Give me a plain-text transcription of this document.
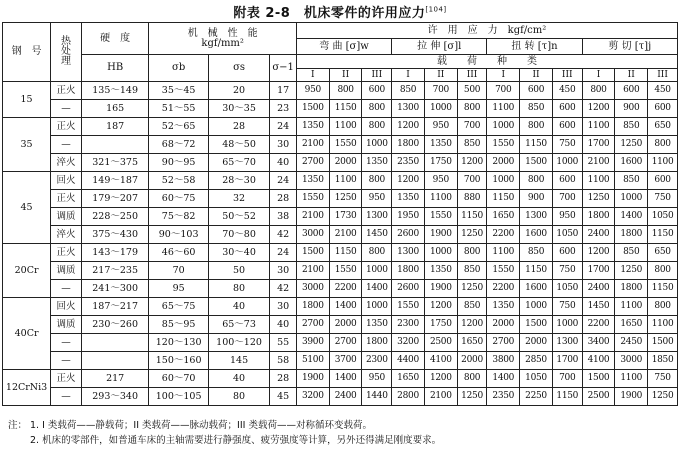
附表 2-8　机床零件的许用应力[104]
钢　号	热
处
理	硬　度	机　械　性　能
kgf/mm²			许　用　应　力　kgf/cm²											
						弯 曲 [σ]w			拉 伸 [σ]l			扭 转 [τ]n			剪 切 [τ]j		
		HB	σb	σs	σ−1	载　　荷　　种　　类											
						I	II	III	I	II	III	I	II	III	I	II	III
15	正火	135～149	35～45	20	17	950	800	600	850	700	500	700	600	450	800	600	450
	—	165	51～55	30～35	23	1500	1150	800	1300	1000	800	1100	850	600	1200	900	600
35	正火	187	52～65	28	24	1350	1100	800	1200	950	700	1000	800	600	1100	850	650
	—		68～72	48～50	30	2100	1550	1000	1800	1350	850	1550	1150	750	1700	1250	800
	淬火	321～375	90～95	65～70	40	2700	2000	1350	2350	1750	1200	2000	1500	1000	2100	1600	1100
45	回火	149～187	52～58	28～30	24	1350	1100	800	1200	950	700	1000	800	600	1100	850	600
	正火	179～207	60～75	32	28	1550	1250	950	1350	1100	880	1150	900	700	1250	1000	750
	调质	228～250	75～82	50～52	38	2100	1730	1300	1950	1550	1150	1650	1300	950	1800	1400	1050
	淬火	375～430	90～103	70～80	42	3000	2100	1450	2600	1900	1250	2200	1600	1050	2400	1800	1150
20Cr	正火	143～179	46～60	30～40	24	1500	1150	800	1300	1000	800	1100	850	600	1200	850	650
	调质	217～235	70	50	30	2100	1550	1000	1800	1350	850	1550	1150	750	1700	1250	800
	—	241～300	95	80	42	3000	2200	1400	2600	1900	1250	2200	1600	1050	2400	1800	1150
40Cr	回火	187～217	65～75	40	30	1800	1400	1000	1550	1200	850	1350	1000	750	1450	1100	800
	调质	230～260	85～95	65～73	40	2700	2000	1350	2300	1750	1200	2000	1500	1000	2200	1650	1100
	—		120～130	100～120	55	3900	2700	1800	3200	2500	1650	2700	2000	1300	3400	2450	1500
	—		150～160	145	58	5100	3700	2300	4400	4100	2000	3800	2850	1700	4100	3000	1850
12CrNi3	正火	217	60～70	40	28	1900	1400	950	1650	1200	800	1400	1050	700	1500	1100	750
	—	293～340	100～105	80	45	3200	2400	1440	2800	2100	1250	2350	2250	1150	2500	1900	1250
注： 1. I 类载荷——静载荷；II 类载荷——脉动载荷；III 类载荷——对称循环变载荷。
2. 机床的零部件，如普通车床的主轴需要进行静强度、疲劳强度等计算，另外还得满足刚度要求。
